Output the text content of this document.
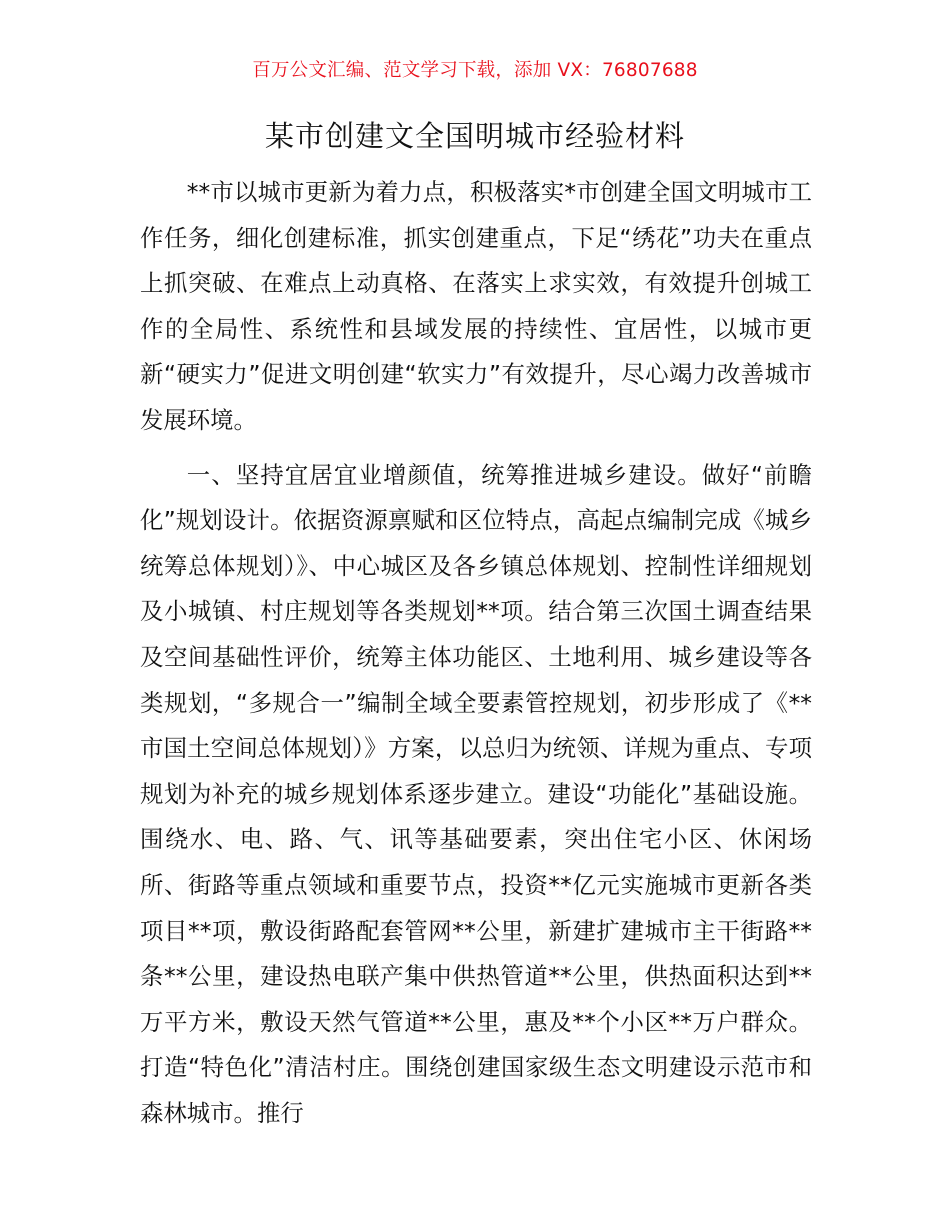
百万公文汇编、范文学习下载，添加 VX：76807688
某市创建文全国明城市经验材料

**市以城市更新为着力点，积极落实*市创建全国文明城市工作任务，细化创建标准，抓实创建重点，下足“绣花”功夫在重点上抓突破、在难点上动真格、在落实上求实效，有效提升创城工作的全局性、系统性和县域发展的持续性、宜居性，以城市更新“硬实力”促进文明创建“软实力”有效提升，尽心竭力改善城市发展环境。

一、坚持宜居宜业增颜值，统筹推进城乡建设。做好“前瞻化”规划设计。依据资源禀赋和区位特点，高起点编制完成《城乡统筹总体规划）》、中心城区及各乡镇总体规划、控制性详细规划及小城镇、村庄规划等各类规划**项。结合第三次国土调查结果及空间基础性评价，统筹主体功能区、土地利用、城乡建设等各类规划，“多规合一”编制全域全要素管控规划，初步形成了《**市国土空间总体规划）》方案，以总归为统领、详规为重点、专项规划为补充的城乡规划体系逐步建立。建设“功能化”基础设施。围绕水、电、路、气、讯等基础要素，突出住宅小区、休闲场所、街路等重点领域和重要节点，投资**亿元实施城市更新各类项目**项，敷设街路配套管网**公里，新建扩建城市主干街路**条**公里，建设热电联产集中供热管道**公里，供热面积达到**万平方米，敷设天然气管道**公里，惠及**个小区**万户群众。打造“特色化”清洁村庄。围绕创建国家级生态文明建设示范市和森林城市。推行
